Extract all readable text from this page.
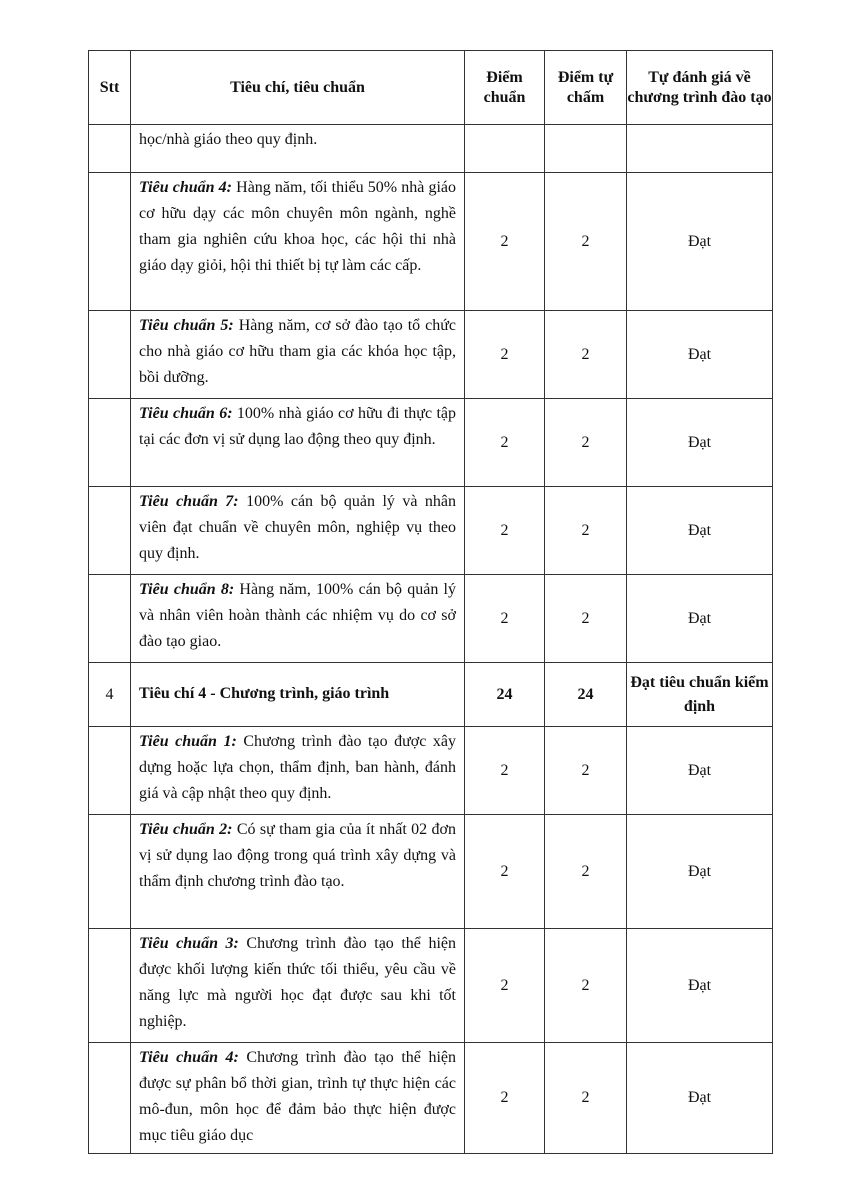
Stt	Tiêu chí, tiêu chuẩn	Điểm chuẩn	Điểm tự chấm	Tự đánh giá về chương trình đào tạo
	học/nhà giáo theo quy định.			
	Tiêu chuẩn 4: Hàng năm, tối thiểu 50% nhà giáo cơ hữu dạy các môn chuyên môn ngành, nghề tham gia nghiên cứu khoa học, các hội thi nhà giáo dạy giỏi, hội thi thiết bị tự làm các cấp.	2	2	Đạt
	Tiêu chuẩn 5: Hàng năm, cơ sở đào tạo tổ chức cho nhà giáo cơ hữu tham gia các khóa học tập, bồi dưỡng.	2	2	Đạt
	Tiêu chuẩn 6: 100% nhà giáo cơ hữu đi thực tập tại các đơn vị sử dụng lao động theo quy định.	2	2	Đạt
	Tiêu chuẩn 7: 100% cán bộ quản lý và nhân viên đạt chuẩn về chuyên môn, nghiệp vụ theo quy định.	2	2	Đạt
	Tiêu chuẩn 8: Hàng năm, 100% cán bộ quản lý và nhân viên hoàn thành các nhiệm vụ do cơ sở đào tạo giao.	2	2	Đạt
4	Tiêu chí 4 - Chương trình, giáo trình	24	24	Đạt tiêu chuẩn kiểm định
	Tiêu chuẩn 1: Chương trình đào tạo được xây dựng hoặc lựa chọn, thẩm định, ban hành, đánh giá và cập nhật theo quy định.	2	2	Đạt
	Tiêu chuẩn 2: Có sự tham gia của ít nhất 02 đơn vị sử dụng lao động trong quá trình xây dựng và thẩm định chương trình đào tạo.	2	2	Đạt
	Tiêu chuẩn 3: Chương trình đào tạo thể hiện được khối lượng kiến thức tối thiểu, yêu cầu về năng lực mà người học đạt được sau khi tốt nghiệp.	2	2	Đạt
	Tiêu chuẩn 4: Chương trình đào tạo thể hiện được sự phân bổ thời gian, trình tự thực hiện các mô-đun, môn học để đảm bảo thực hiện được mục tiêu giáo dục	2	2	Đạt
